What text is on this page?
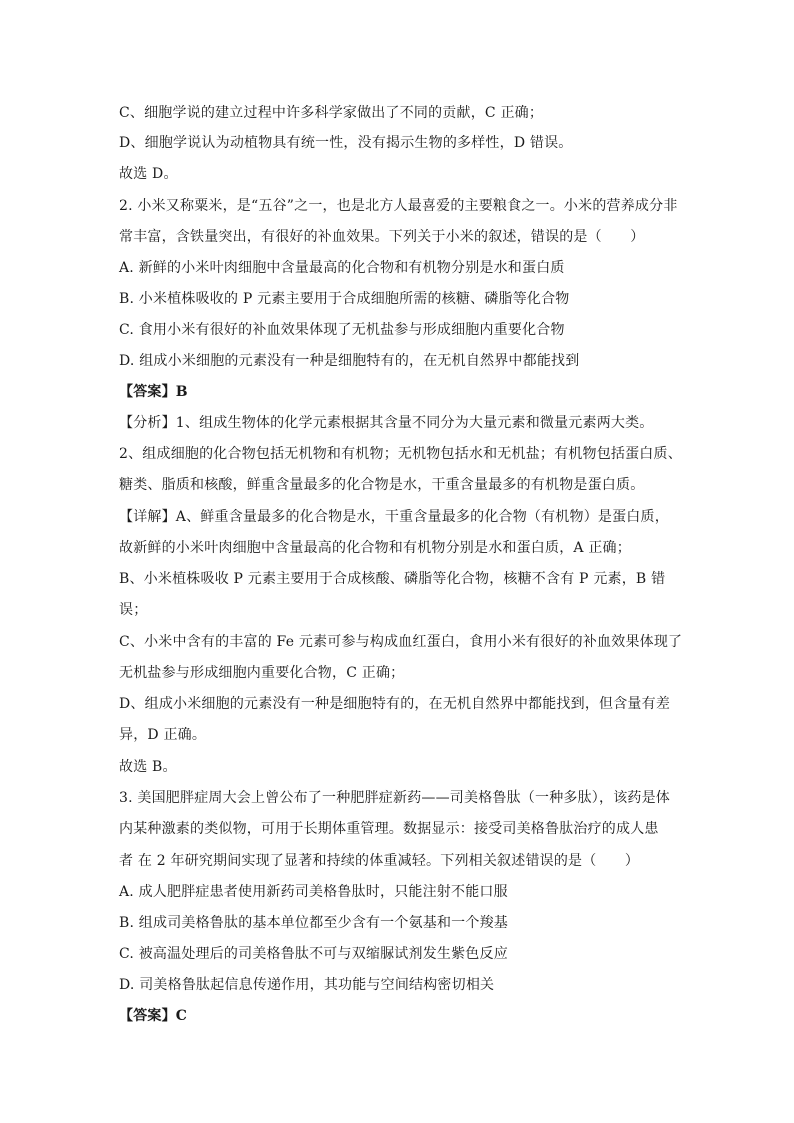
C、细胞学说的建立过程中许多科学家做出了不同的贡献，C 正确；
D、细胞学说认为动植物具有统一性，没有揭示生物的多样性，D 错误。
故选 D。
2. 小米又称粟米，是“五谷”之一，也是北方人最喜爱的主要粮食之一。小米的营养成分非
常丰富，含铁量突出，有很好的补血效果。下列关于小米的叙述，错误的是（　　）
A. 新鲜的小米叶肉细胞中含量最高的化合物和有机物分别是水和蛋白质
B. 小米植株吸收的 P 元素主要用于合成细胞所需的核糖、磷脂等化合物
C. 食用小米有很好的补血效果体现了无机盐参与形成细胞内重要化合物
D. 组成小米细胞的元素没有一种是细胞特有的，在无机自然界中都能找到
【答案】B
【分析】1、组成生物体的化学元素根据其含量不同分为大量元素和微量元素两大类。
2、组成细胞的化合物包括无机物和有机物；无机物包括水和无机盐；有机物包括蛋白质、
糖类、脂质和核酸，鲜重含量最多的化合物是水，干重含量最多的有机物是蛋白质。
【详解】A、鲜重含量最多的化合物是水，干重含量最多的化合物（有机物）是蛋白质，
故新鲜的小米叶肉细胞中含量最高的化合物和有机物分别是水和蛋白质，A 正确；
B、小米植株吸收 P 元素主要用于合成核酸、磷脂等化合物，核糖不含有 P 元素，B 错
误；
C、小米中含有的丰富的 Fe 元素可参与构成血红蛋白，食用小米有很好的补血效果体现了
无机盐参与形成细胞内重要化合物，C 正确；
D、组成小米细胞的元素没有一种是细胞特有的，在无机自然界中都能找到，但含量有差
异，D 正确。
故选 B。
3. 美国肥胖症周大会上曾公布了一种肥胖症新药——司美格鲁肽（一种多肽），该药是体
内某种激素的类似物，可用于长期体重管理。数据显示：接受司美格鲁肽治疗的成人患
者 在 2 年研究期间实现了显著和持续的体重减轻。下列相关叙述错误的是（　　）
A. 成人肥胖症患者使用新药司美格鲁肽时，只能注射不能口服
B. 组成司美格鲁肽的基本单位都至少含有一个氨基和一个羧基
C. 被高温处理后的司美格鲁肽不可与双缩脲试剂发生紫色反应
D. 司美格鲁肽起信息传递作用，其功能与空间结构密切相关
【答案】C
